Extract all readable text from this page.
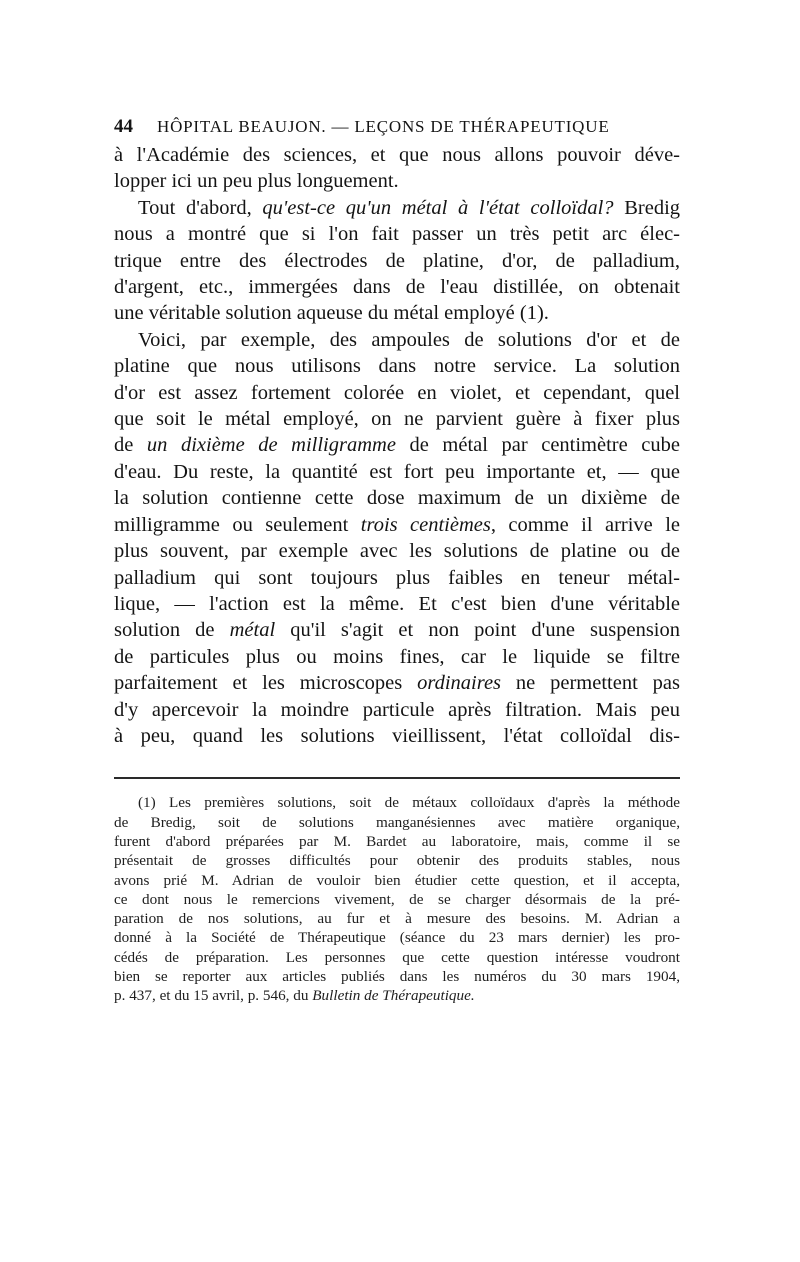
44 HÔPITAL BEAUJON. — LEÇONS DE THÉRAPEUTIQUE
à l'Académie des sciences, et que nous allons pouvoir déve-
lopper ici un peu plus longuement.
Tout d'abord, qu'est-ce qu'un métal à l'état colloïdal? Bredig
nous a montré que si l'on fait passer un très petit arc élec-
trique entre des électrodes de platine, d'or, de palladium,
d'argent, etc., immergées dans de l'eau distillée, on obtenait
une véritable solution aqueuse du métal employé (1).
Voici, par exemple, des ampoules de solutions d'or et de
platine que nous utilisons dans notre service. La solution
d'or est assez fortement colorée en violet, et cependant, quel
que soit le métal employé, on ne parvient guère à fixer plus
de un dixième de milligramme de métal par centimètre cube
d'eau. Du reste, la quantité est fort peu importante et, — que
la solution contienne cette dose maximum de un dixième de
milligramme ou seulement trois centièmes, comme il arrive le
plus souvent, par exemple avec les solutions de platine ou de
palladium qui sont toujours plus faibles en teneur métal-
lique, — l'action est la même. Et c'est bien d'une véritable
solution de métal qu'il s'agit et non point d'une suspension
de particules plus ou moins fines, car le liquide se filtre
parfaitement et les microscopes ordinaires ne permettent pas
d'y apercevoir la moindre particule après filtration. Mais peu
à peu, quand les solutions vieillissent, l'état colloïdal dis-
(1) Les premières solutions, soit de métaux colloïdaux d'après la méthode
de Bredig, soit de solutions manganésiennes avec matière organique,
furent d'abord préparées par M. Bardet au laboratoire, mais, comme il se
présentait de grosses difficultés pour obtenir des produits stables, nous
avons prié M. Adrian de vouloir bien étudier cette question, et il accepta,
ce dont nous le remercions vivement, de se charger désormais de la pré-
paration de nos solutions, au fur et à mesure des besoins. M. Adrian a
donné à la Société de Thérapeutique (séance du 23 mars dernier) les pro-
cédés de préparation. Les personnes que cette question intéresse voudront
bien se reporter aux articles publiés dans les numéros du 30 mars 1904,
p. 437, et du 15 avril, p. 546, du Bulletin de Thérapeutique.
